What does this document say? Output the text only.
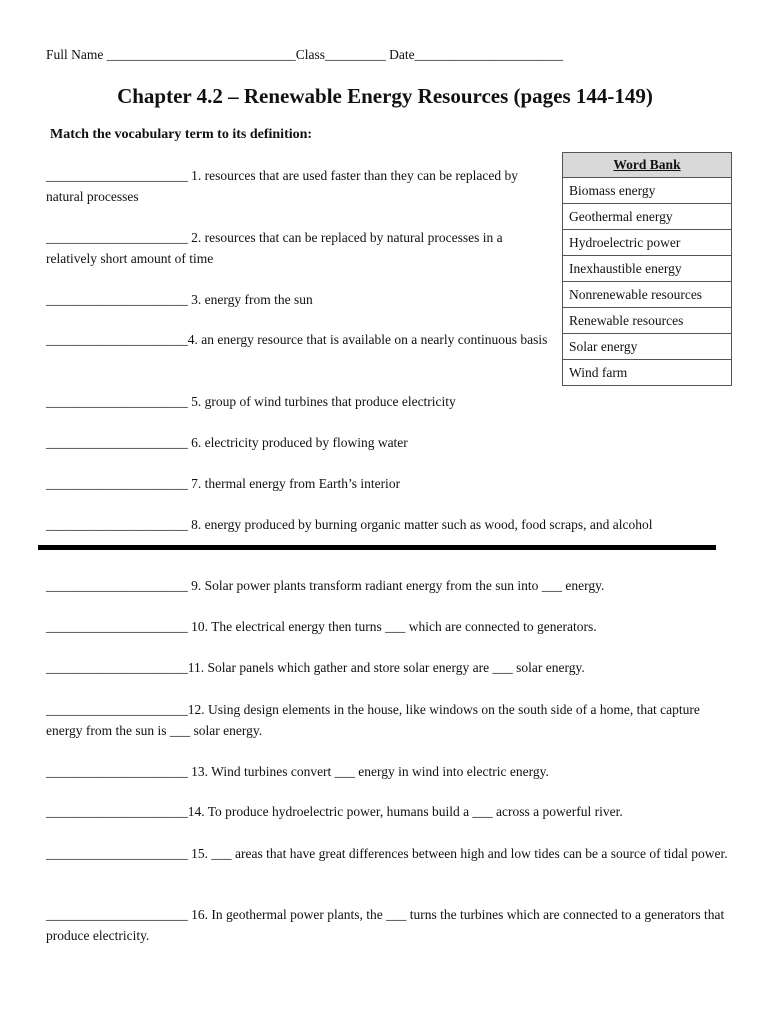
Full Name ____________________________Class_________ Date______________________
Chapter 4.2 – Renewable Energy Resources (pages 144-149)
Match the vocabulary term to its definition:
Word Bank
Biomass energy
Geothermal energy
Hydroelectric power
Inexhaustible energy
Nonrenewable resources
Renewable resources
Solar energy
Wind farm
_____________________ 1. resources that are used faster than they can be replaced by natural processes
_____________________ 2. resources that can be replaced by natural processes in a relatively short amount of time
_____________________ 3. energy from the sun
_____________________4. an energy resource that is available on a nearly continuous basis
_____________________ 5. group of wind turbines that produce electricity
_____________________ 6. electricity produced by flowing water
_____________________ 7. thermal energy from Earth’s interior
_____________________ 8. energy produced by burning organic matter such as wood, food scraps, and alcohol
_____________________ 9. Solar power plants transform radiant energy from the sun into ___ energy.
_____________________ 10. The electrical energy then turns ___ which are connected to generators.
_____________________11. Solar panels which gather and store solar energy are ___ solar energy.
_____________________12. Using design elements in the house, like windows on the south side of a home, that capture energy from the sun is ___ solar energy.
_____________________ 13. Wind turbines convert ___ energy in wind into electric energy.
_____________________14. To produce hydroelectric power, humans build a ___ across a powerful river.
_____________________ 15. ___ areas that have great differences between high and low tides can be a source of tidal power.
_____________________ 16. In geothermal power plants, the ___ turns the turbines which are connected to a generators that produce electricity.
